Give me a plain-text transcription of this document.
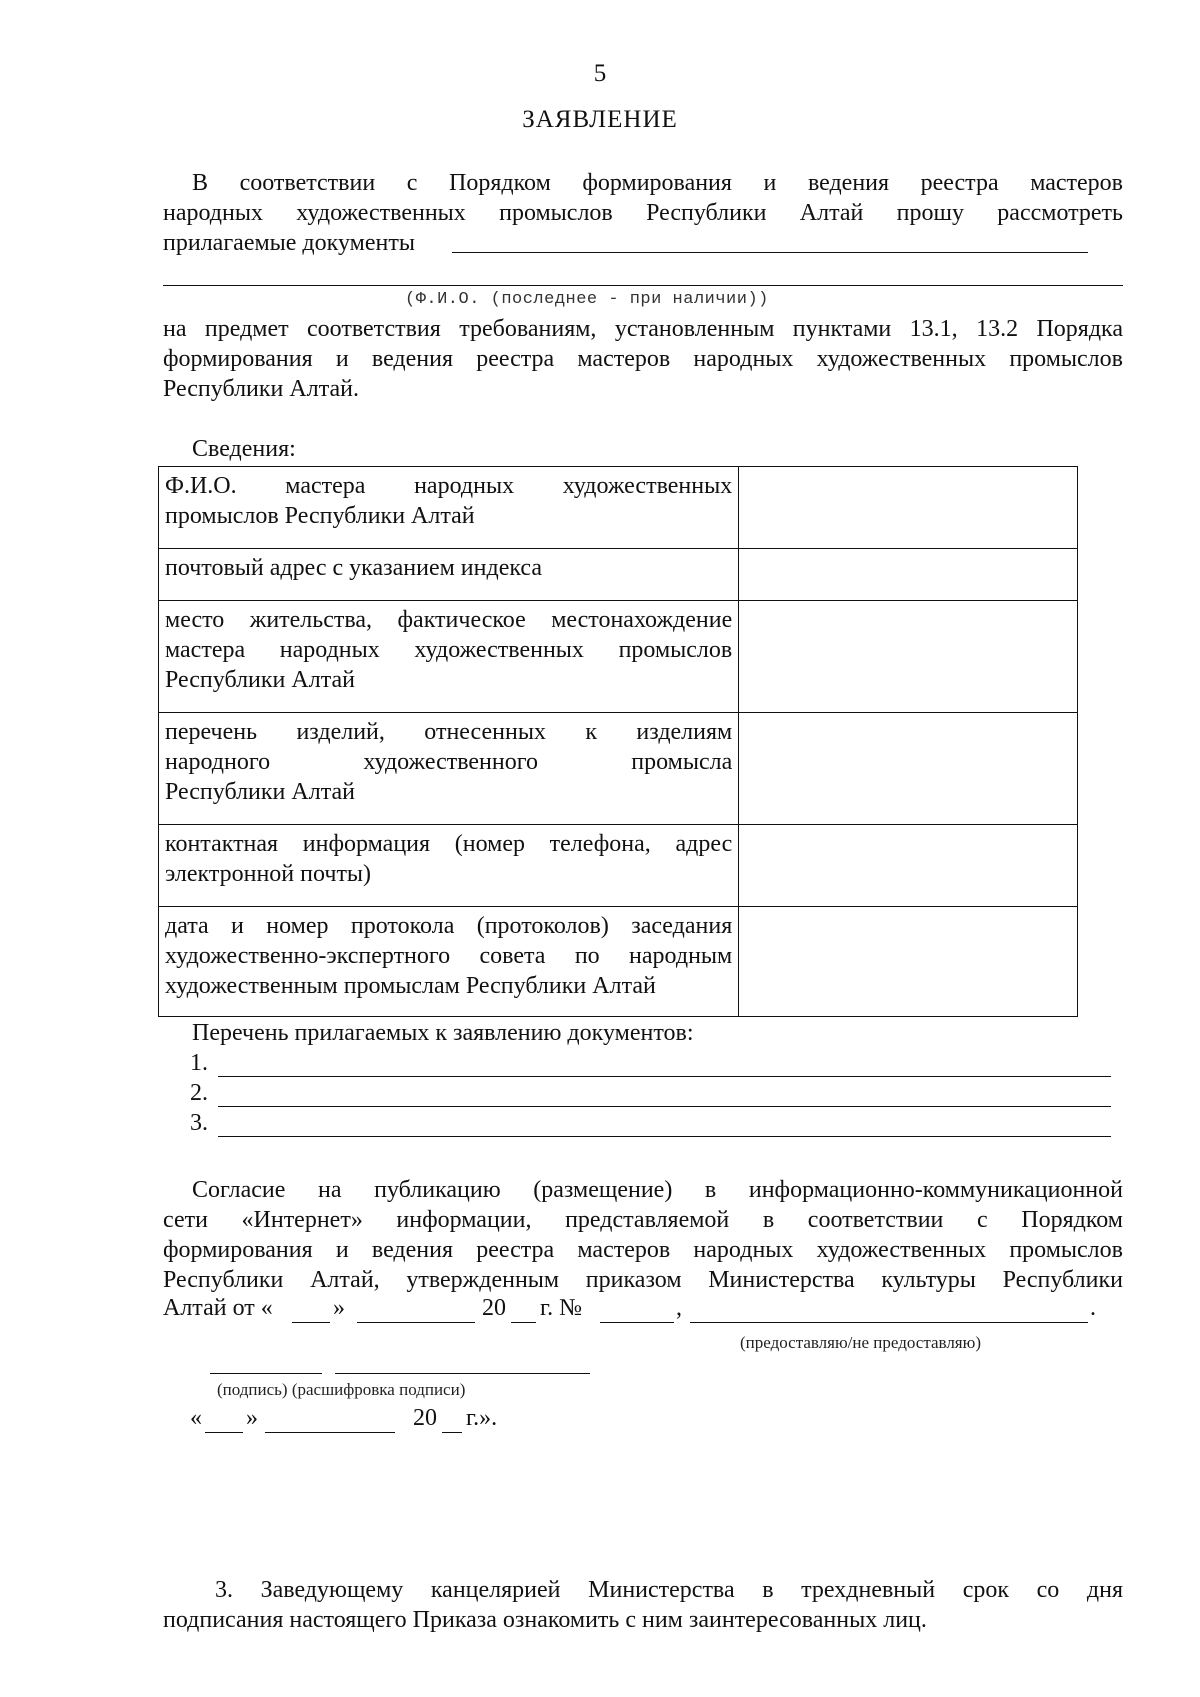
5
ЗАЯВЛЕНИЕ
В соответствии с Порядком формирования и ведения реестра мастеров
народных художественных промыслов Республики Алтай прошу рассмотреть
прилагаемые документы
(Ф.И.О. (последнее - при наличии))
на предмет соответствия требованиям, установленным пунктами 13.1, 13.2 Порядка
формирования и ведения реестра мастеров народных художественных промыслов
Республики Алтай.
Сведения:
Ф.И.О. мастера народных художественных
промыслов Республики Алтай	

почтовый адрес с указанием индекса	

место жительства, фактическое местонахождение
мастера народных художественных промыслов
Республики Алтай	

перечень изделий, отнесенных к изделиям
народного художественного промысла
Республики Алтай	

контактная информация (номер телефона, адрес
электронной почты)	

дата и номер протокола (протоколов) заседания
художественно-экспертного совета по народным
художественным промыслам Республики Алтай	

Перечень прилагаемых к заявлению документов:
1.
2.
3.
Согласие на публикацию (размещение) в информационно-коммуникационной
сети «Интернет» информации, представляемой в соответствии с Порядком
формирования и ведения реестра мастеров народных художественных промыслов
Республики Алтай, утвержденным приказом Министерства культуры Республики
Алтай от «	»	20 г. №	,	.
(предоставляю/не предоставляю)
(подпись) (расшифровка подписи)
« »	20 г.».
3. Заведующему канцелярией Министерства в трехдневный срок со дня
подписания настоящего Приказа ознакомить с ним заинтересованных лиц.
